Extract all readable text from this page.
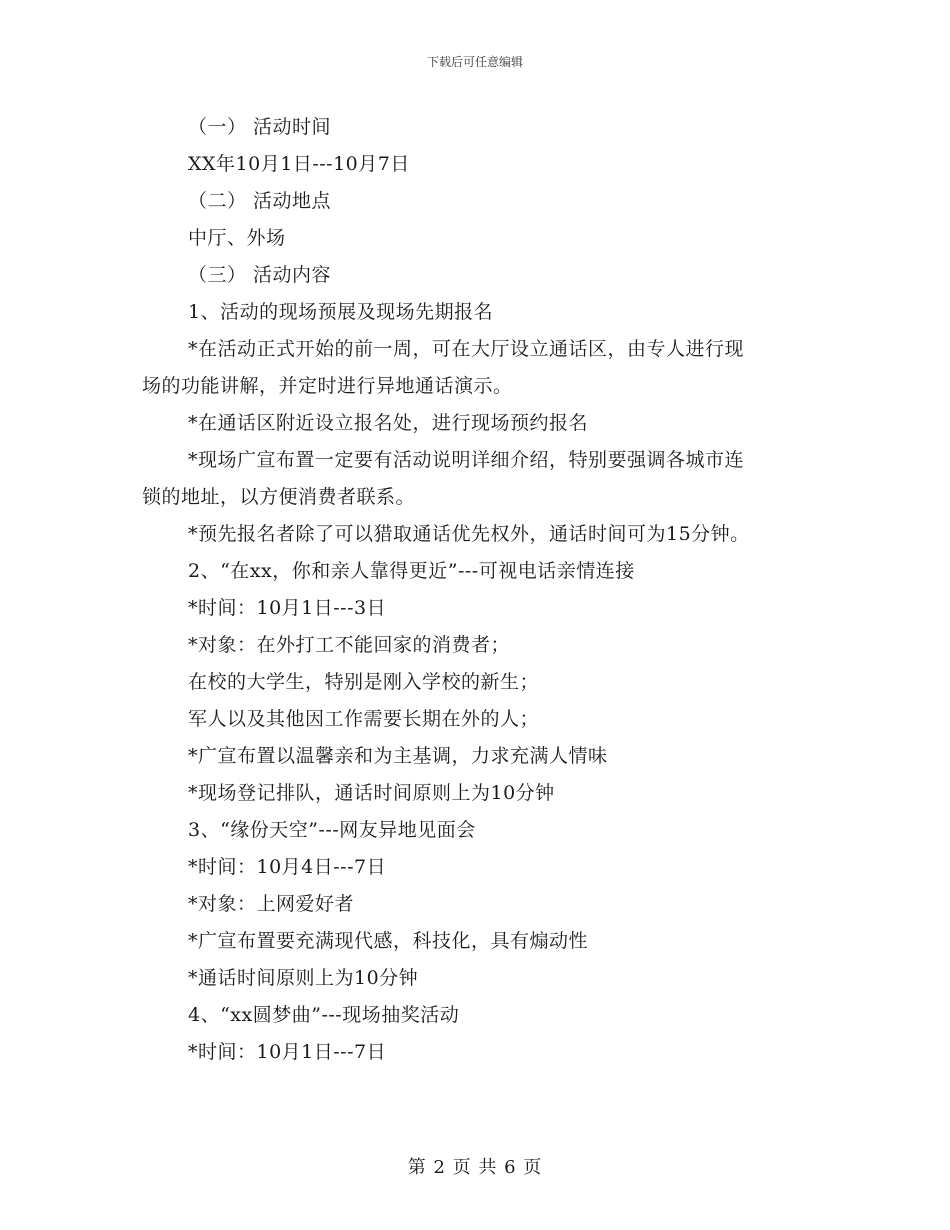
下载后可任意编辑
（一） 活动时间
XX年10月1日---10月7日
（二） 活动地点
中厅、外场
（三） 活动内容
1、活动的现场预展及现场先期报名
*在活动正式开始的前一周，可在大厅设立通话区，由专人进行现
场的功能讲解，并定时进行异地通话演示。
*在通话区附近设立报名处，进行现场预约报名
*现场广宣布置一定要有活动说明详细介绍，特别要强调各城市连
锁的地址，以方便消费者联系。
*预先报名者除了可以猎取通话优先权外，通话时间可为15分钟。
2、“在xx，你和亲人靠得更近”---可视电话亲情连接
*时间：10月1日---3日
*对象：在外打工不能回家的消费者；
在校的大学生，特别是刚入学校的新生；
军人以及其他因工作需要长期在外的人；
*广宣布置以温馨亲和为主基调，力求充满人情味
*现场登记排队，通话时间原则上为10分钟
3、“缘份天空”---网友异地见面会
*时间：10月4日---7日
*对象：上网爱好者
*广宣布置要充满现代感，科技化，具有煽动性
*通话时间原则上为10分钟
4、“xx圆梦曲”---现场抽奖活动
*时间：10月1日---7日
第 2 页 共 6 页
